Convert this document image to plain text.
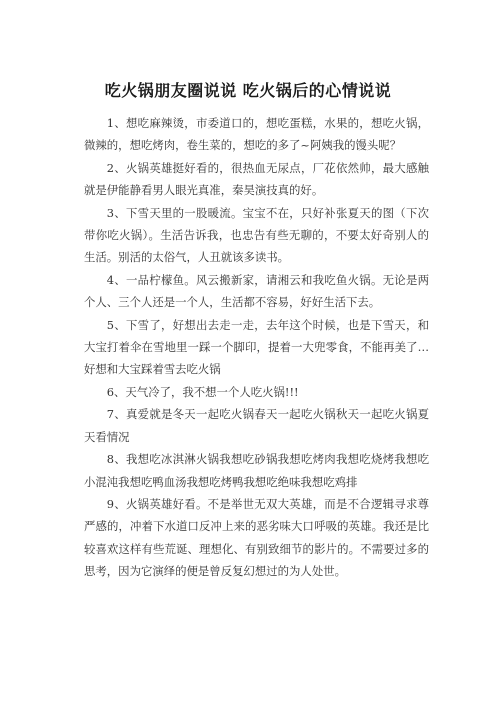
吃火锅朋友圈说说 吃火锅后的心情说说

1、想吃麻辣烫，市委道口的，想吃蛋糕，水果的，想吃火锅，微辣的，想吃烤肉，卷生菜的，想吃的多了~阿姨我的馒头呢？

2、火锅英雄挺好看的，很热血无尿点，厂花依然帅，最大感触就是伊能静看男人眼光真准，秦昊演技真的好。

3、下雪天里的一股暖流。宝宝不在，只好补张夏天的图（下次带你吃火锅）。生活告诉我，也忠告有些无聊的，不要太好奇别人的生活。别活的太俗气，人丑就该多读书。

4、一品柠檬鱼。风云搬新家，请湘云和我吃鱼火锅。无论是两个人、三个人还是一个人，生活都不容易，好好生活下去。

5、下雪了，好想出去走一走，去年这个时候，也是下雪天，和大宝打着伞在雪地里一踩一个脚印，提着一大兜零食，不能再美了…好想和大宝踩着雪去吃火锅

6、天气冷了，我不想一个人吃火锅!!!

7、真爱就是冬天一起吃火锅春天一起吃火锅秋天一起吃火锅夏天看情况

8、我想吃冰淇淋火锅我想吃砂锅我想吃烤肉我想吃烧烤我想吃小混沌我想吃鸭血汤我想吃烤鸭我想吃绝味我想吃鸡排

9、火锅英雄好看。不是举世无双大英雄，而是不合逻辑寻求尊严感的，冲着下水道口反冲上来的恶劣味大口呼吸的英雄。我还是比较喜欢这样有些荒诞、理想化、有别致细节的影片的。不需要过多的思考，因为它演绎的便是曾反复幻想过的为人处世。
